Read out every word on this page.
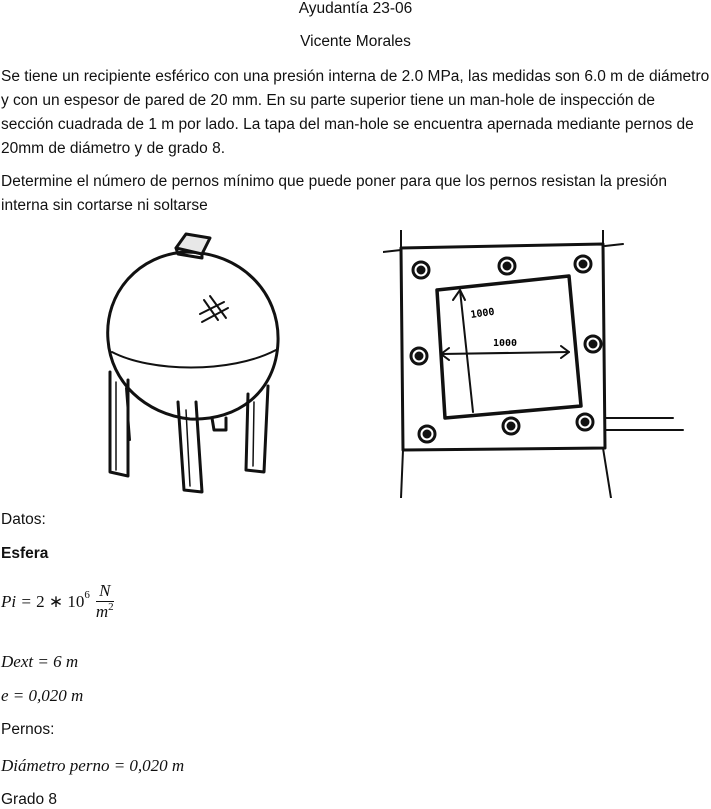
Ayudantía 23-06
Vicente Morales

Se tiene un recipiente esférico con una presión interna de 2.0 MPa, las medidas son 6.0 m de diámetro y con un espesor de pared de 20 mm. En su parte superior tiene un man-hole de inspección de sección cuadrada de 1 m por lado. La tapa del man-hole se encuentra apernada mediante pernos de 20mm de diámetro y de grado 8.

Determine el número de pernos mínimo que puede poner para que los pernos resistan la presión interna sin cortarse ni soltarse

1000
1000
Datos:
Esfera
Pi =
2 ∗ 10 $6 \frac{N}{m^2}$
Dext = 6 m
e = 0,020 m
Pernos:
Diámetro perno = 0,020 m
Grado 8
